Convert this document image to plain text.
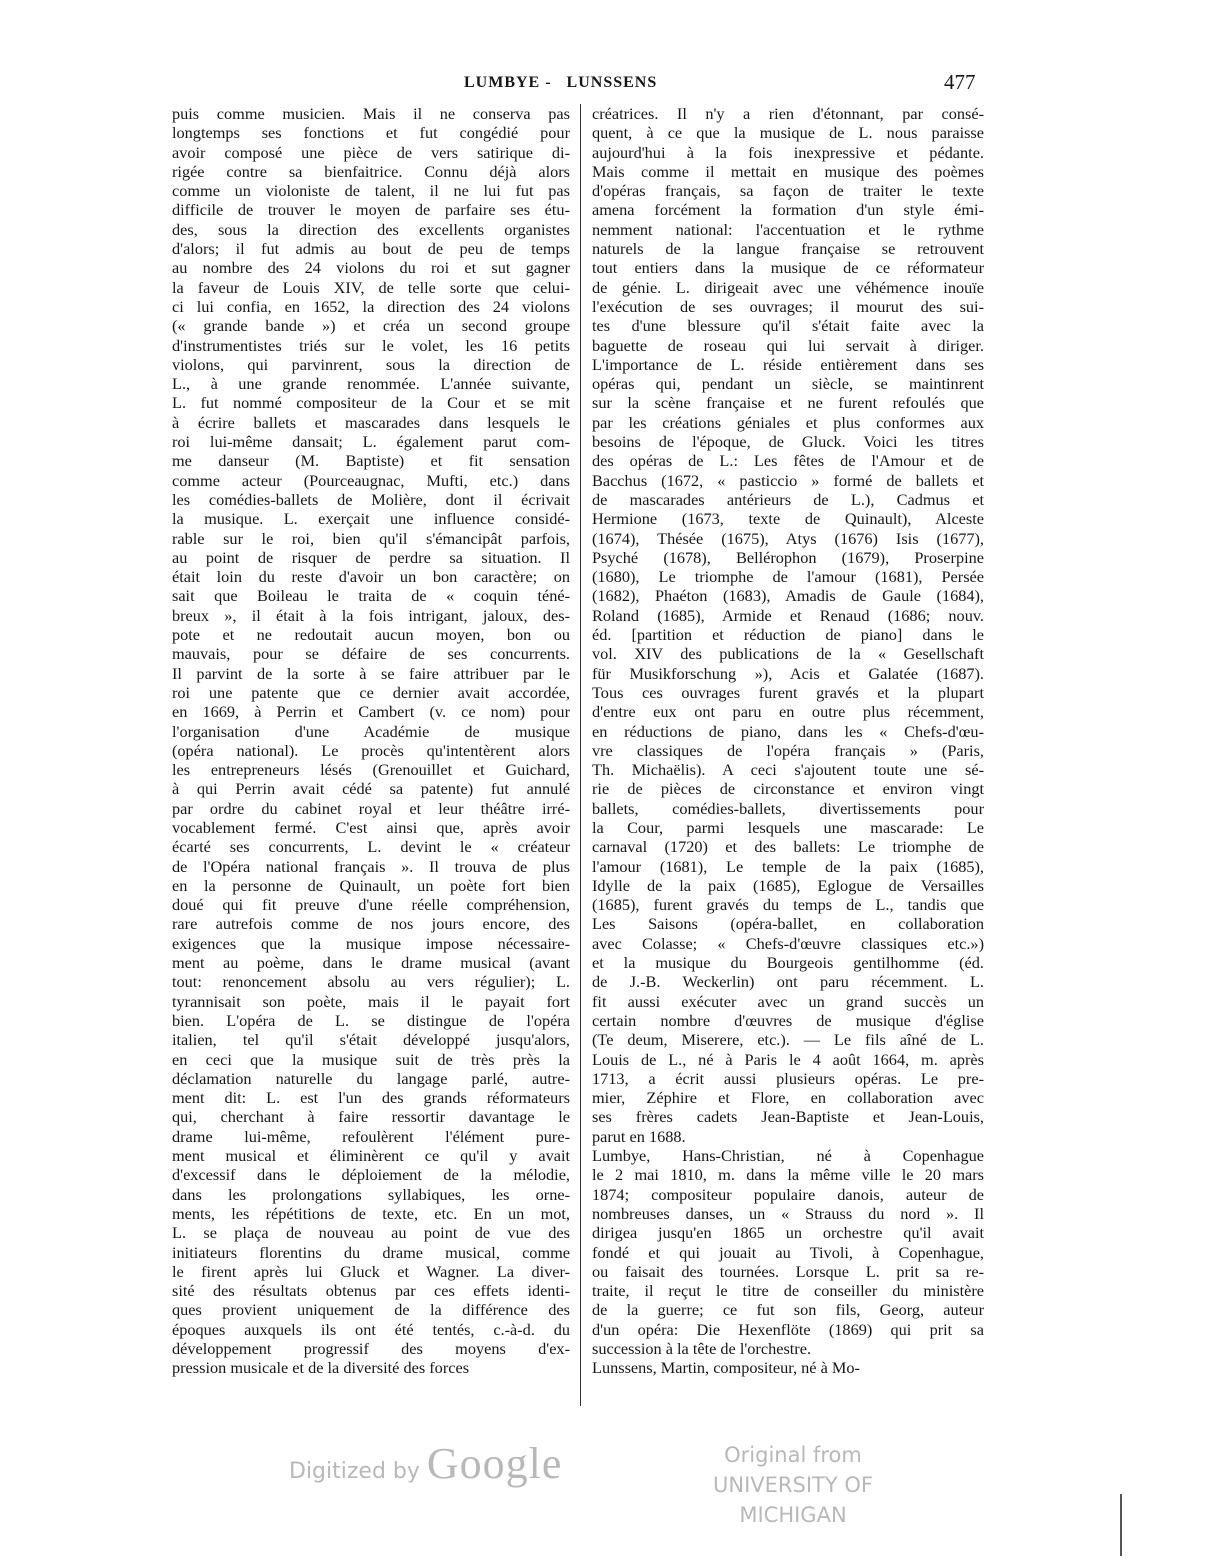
LUMBYE -   LUNSSENS	477
puis comme musicien. Mais il ne conserva pas
longtemps ses fonctions et fut congédié pour
avoir composé une pièce de vers satirique di-
rigée contre sa bienfaitrice. Connu déjà alors
comme un violoniste de talent, il ne lui fut pas
difficile de trouver le moyen de parfaire ses étu-
des, sous la direction des excellents organistes
d'alors; il fut admis au bout de peu de temps
au nombre des 24 violons du roi et sut gagner
la faveur de Louis XIV, de telle sorte que celui-
ci lui confia, en 1652, la direction des 24 violons
(« grande bande ») et créa un second groupe
d'instrumentistes triés sur le volet, les 16 petits
violons, qui parvinrent, sous la direction de
L., à une grande renommée. L'année suivante,
L. fut nommé compositeur de la Cour et se mit
à écrire ballets et mascarades dans lesquels le
roi lui-même dansait; L. également parut com-
me danseur (M. Baptiste) et fit sensation
comme acteur (Pourceaugnac, Mufti, etc.) dans
les comédies-ballets de Molière, dont il écrivait
la musique. L. exerçait une influence considé-
rable sur le roi, bien qu'il s'émancipât parfois,
au point de risquer de perdre sa situation. Il
était loin du reste d'avoir un bon caractère; on
sait que Boileau le traita de « coquin téné-
breux », il était à la fois intrigant, jaloux, des-
pote et ne redoutait aucun moyen, bon ou
mauvais, pour se défaire de ses concurrents.
Il parvint de la sorte à se faire attribuer par le
roi une patente que ce dernier avait accordée,
en 1669, à Perrin et Cambert (v. ce nom) pour
l'organisation d'une Académie de musique
(opéra national). Le procès qu'intentèrent alors
les entrepreneurs lésés (Grenouillet et Guichard,
à qui Perrin avait cédé sa patente) fut annulé
par ordre du cabinet royal et leur théâtre irré-
vocablement fermé. C'est ainsi que, après avoir
écarté ses concurrents, L. devint le « créateur
de l'Opéra national français ». Il trouva de plus
en la personne de Quinault, un poète fort bien
doué qui fit preuve d'une réelle compréhension,
rare autrefois comme de nos jours encore, des
exigences que la musique impose nécessaire-
ment au poème, dans le drame musical (avant
tout: renoncement absolu au vers régulier); L.
tyrannisait son poète, mais il le payait fort
bien. L'opéra de L. se distingue de l'opéra
italien, tel qu'il s'était développé jusqu'alors,
en ceci que la musique suit de très près la
déclamation naturelle du langage parlé, autre-
ment dit: L. est l'un des grands réformateurs
qui, cherchant à faire ressortir davantage le
drame lui-même, refoulèrent l'élément pure-
ment musical et éliminèrent ce qu'il y avait
d'excessif dans le déploiement de la mélodie,
dans les prolongations syllabiques, les orne-
ments, les répétitions de texte, etc. En un mot,
L. se plaça de nouveau au point de vue des
initiateurs florentins du drame musical, comme
le firent après lui Gluck et Wagner. La diver-
sité des résultats obtenus par ces effets identi-
ques provient uniquement de la différence des
époques auxquels ils ont été tentés, c.-à-d. du
développement progressif des moyens d'ex-
pression musicale et de la diversité des forces
créatrices. Il n'y a rien d'étonnant, par consé-
quent, à ce que la musique de L. nous paraisse
aujourd'hui à la fois inexpressive et pédante.
Mais comme il mettait en musique des poèmes
d'opéras français, sa façon de traiter le texte
amena forcément la formation d'un style émi-
nemment national: l'accentuation et le rythme
naturels de la langue française se retrouvent
tout entiers dans la musique de ce réformateur
de génie. L. dirigeait avec une véhémence inouïe
l'exécution de ses ouvrages; il mourut des sui-
tes d'une blessure qu'il s'était faite avec la
baguette de roseau qui lui servait à diriger.
L'importance de L. réside entièrement dans ses
opéras qui, pendant un siècle, se maintinrent
sur la scène française et ne furent refoulés que
par les créations géniales et plus conformes aux
besoins de l'époque, de Gluck. Voici les titres
des opéras de L.: Les fêtes de l'Amour et de
Bacchus (1672, « pasticcio » formé de ballets et
de mascarades antérieurs de L.), Cadmus et
Hermione (1673, texte de Quinault), Alceste
(1674), Thésée (1675), Atys (1676) Isis (1677),
Psyché (1678), Bellérophon (1679), Proserpine
(1680), Le triomphe de l'amour (1681), Persée
(1682), Phaéton (1683), Amadis de Gaule (1684),
Roland (1685), Armide et Renaud (1686; nouv.
éd. [partition et réduction de piano] dans le
vol. XIV des publications de la « Gesellschaft
für Musikforschung »), Acis et Galatée (1687).
Tous ces ouvrages furent gravés et la plupart
d'entre eux ont paru en outre plus récemment,
en réductions de piano, dans les « Chefs-d'œu-
vre classiques de l'opéra français » (Paris,
Th. Michaëlis). A ceci s'ajoutent toute une sé-
rie de pièces de circonstance et environ vingt
ballets, comédies-ballets, divertissements pour
la Cour, parmi lesquels une mascarade: Le
carnaval (1720) et des ballets: Le triomphe de
l'amour (1681), Le temple de la paix (1685),
Idylle de la paix (1685), Eglogue de Versailles
(1685), furent gravés du temps de L., tandis que
Les Saisons (opéra-ballet, en collaboration
avec Colasse; « Chefs-d'œuvre classiques etc.»)
et la musique du Bourgeois gentilhomme (éd.
de J.-B. Weckerlin) ont paru récemment. L.
fit aussi exécuter avec un grand succès un
certain nombre d'œuvres de musique d'église
(Te deum, Miserere, etc.). — Le fils aîné de L.
Louis de L., né à Paris le 4 août 1664, m. après
1713, a écrit aussi plusieurs opéras. Le pre-
mier, Zéphire et Flore, en collaboration avec
ses frères cadets Jean-Baptiste et Jean-Louis,
parut en 1688.
Lumbye, Hans-Christian, né à Copenhague
le 2 mai 1810, m. dans la même ville le 20 mars
1874; compositeur populaire danois, auteur de
nombreuses danses, un « Strauss du nord ». Il
dirigea jusqu'en 1865 un orchestre qu'il avait
fondé et qui jouait au Tivoli, à Copenhague,
ou faisait des tournées. Lorsque L. prit sa re-
traite, il reçut le titre de conseiller du ministère
de la guerre; ce fut son fils, Georg, auteur
d'un opéra: Die Hexenflöte (1869) qui prit sa
succession à la tête de l'orchestre.
Lunssens, Martin, compositeur, né à Mo-
Digitized by Google	Original from
UNIVERSITY OF MICHIGAN
